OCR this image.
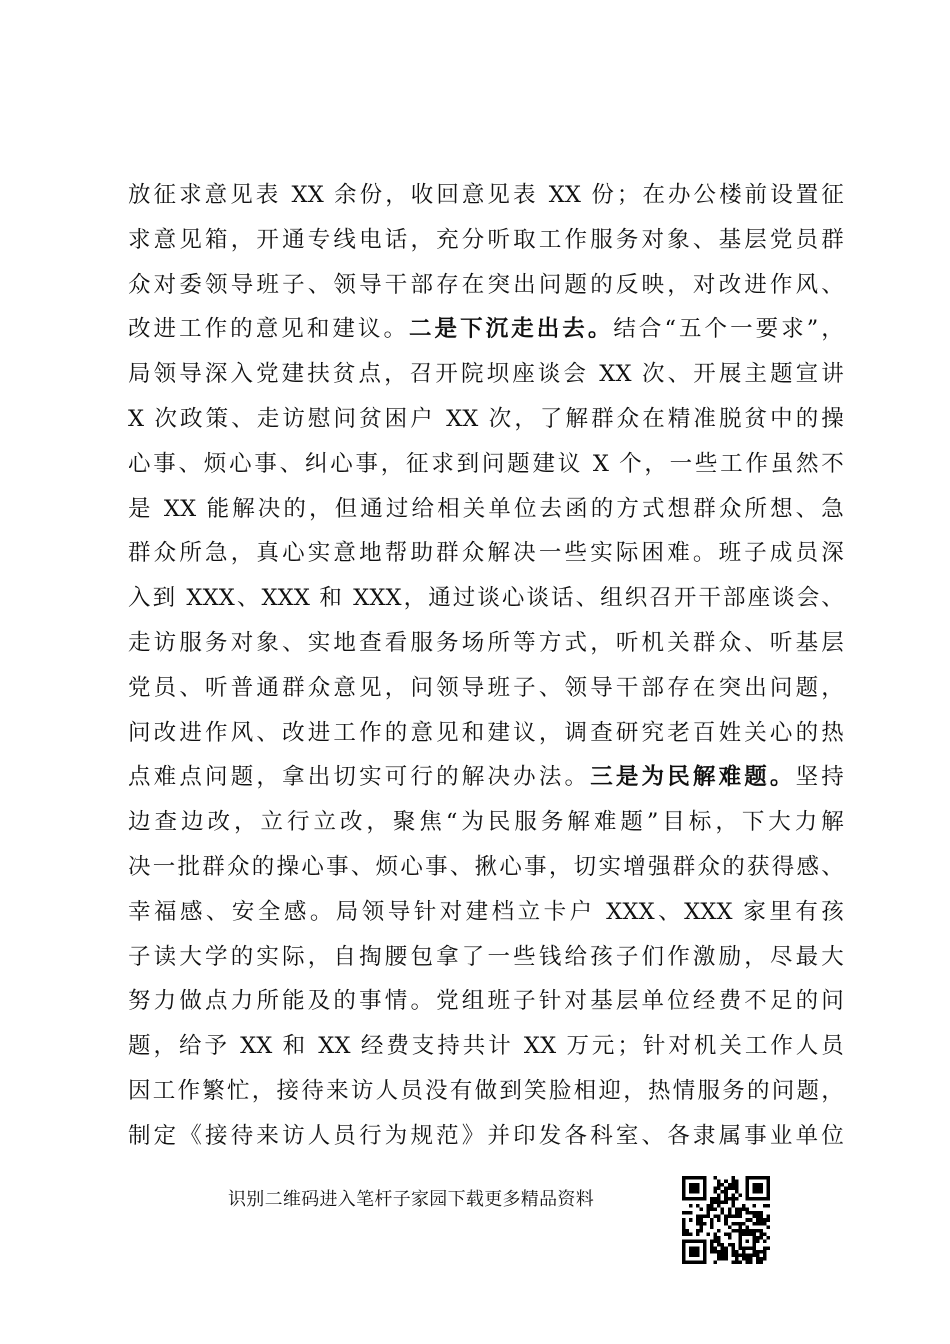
放征求意见表 XX 余份，收回意见表 XX 份；在办公楼前设置征
求意见箱，开通专线电话，充分听取工作服务对象、基层党员群
众对委领导班子、领导干部存在突出问题的反映，对改进作风、
改进工作的意见和建议。二是下沉走出去。结合“五个一要求”，
局领导深入党建扶贫点，召开院坝座谈会 XX 次、开展主题宣讲
X 次政策、走访慰问贫困户 XX 次，了解群众在精准脱贫中的操
心事、烦心事、纠心事，征求到问题建议 X 个，一些工作虽然不
是 XX 能解决的，但通过给相关单位去函的方式想群众所想、急
群众所急，真心实意地帮助群众解决一些实际困难。班子成员深
入到 XXX、XXX 和 XXX，通过谈心谈话、组织召开干部座谈会、
走访服务对象、实地查看服务场所等方式，听机关群众、听基层
党员、听普通群众意见，问领导班子、领导干部存在突出问题，
问改进作风、改进工作的意见和建议，调查研究老百姓关心的热
点难点问题，拿出切实可行的解决办法。三是为民解难题。坚持
边查边改，立行立改，聚焦“为民服务解难题”目标，下大力解
决一批群众的操心事、烦心事、揪心事，切实增强群众的获得感、
幸福感、安全感。局领导针对建档立卡户 XXX、XXX 家里有孩
子读大学的实际，自掏腰包拿了一些钱给孩子们作激励，尽最大
努力做点力所能及的事情。党组班子针对基层单位经费不足的问
题，给予 XX 和 XX 经费支持共计 XX 万元；针对机关工作人员
因工作繁忙，接待来访人员没有做到笑脸相迎，热情服务的问题，
制定《接待来访人员行为规范》并印发各科室、各隶属事业单位
识别二维码进入笔杆子家园下载更多精品资料
